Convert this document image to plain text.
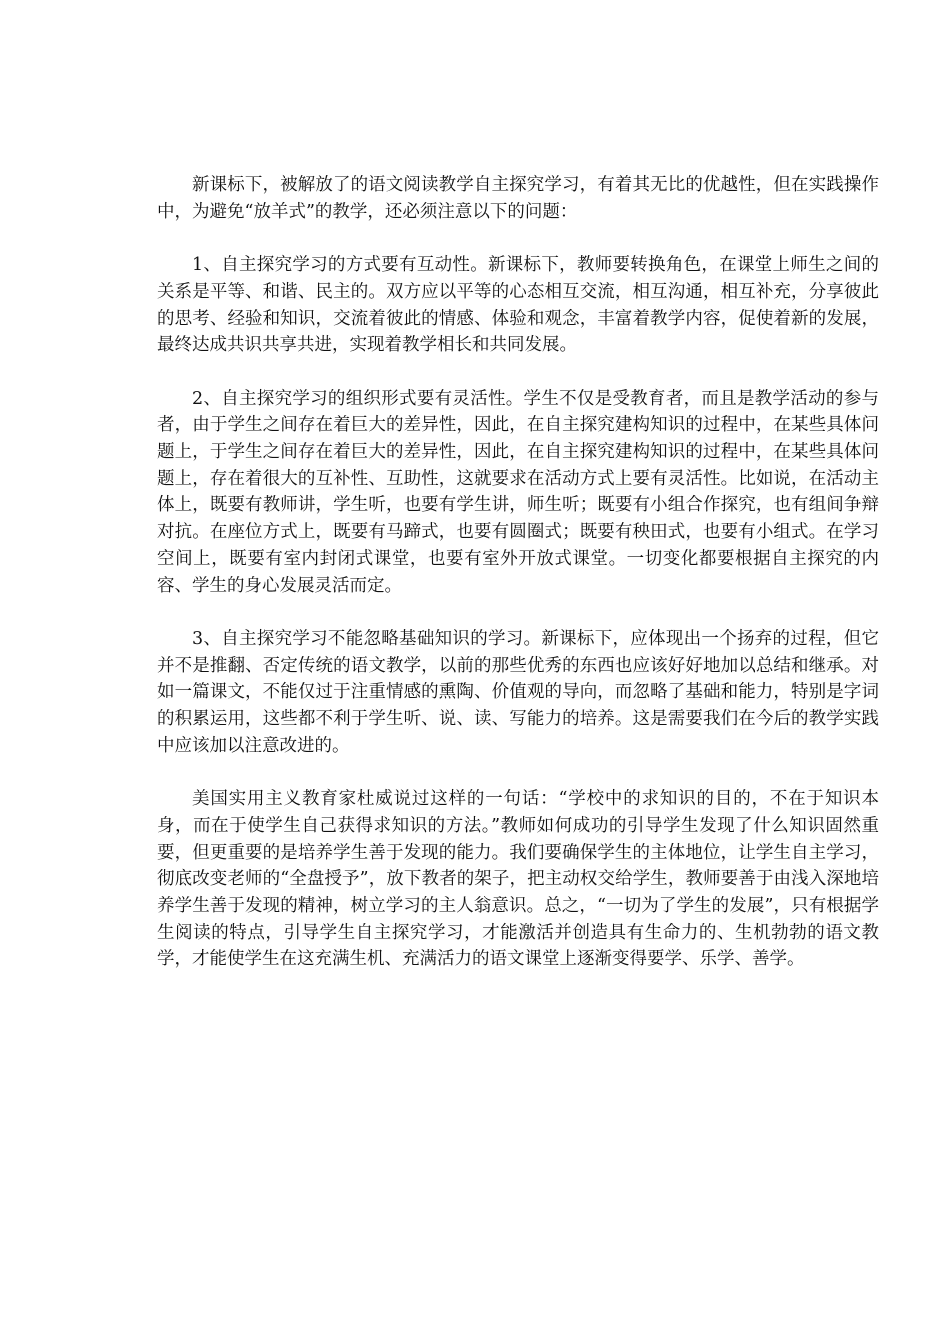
新课标下，被解放了的语文阅读教学自主探究学习，有着其无比的优越性，但在实践操作中，为避免“放羊式”的教学，还必须注意以下的问题：

1、自主探究学习的方式要有互动性。新课标下，教师要转换角色，在课堂上师生之间的关系是平等、和谐、民主的。双方应以平等的心态相互交流，相互沟通，相互补充，分享彼此的思考、经验和知识，交流着彼此的情感、体验和观念，丰富着教学内容，促使着新的发展，最终达成共识共享共进，实现着教学相长和共同发展。

2、自主探究学习的组织形式要有灵活性。学生不仅是受教育者，而且是教学活动的参与者，由于学生之间存在着巨大的差异性，因此，在自主探究建构知识的过程中，在某些具体问题上，于学生之间存在着巨大的差异性，因此，在自主探究建构知识的过程中，在某些具体问题上，存在着很大的互补性、互助性，这就要求在活动方式上要有灵活性。比如说，在活动主体上，既要有教师讲，学生听，也要有学生讲，师生听；既要有小组合作探究，也有组间争辩对抗。在座位方式上，既要有马蹄式，也要有圆圈式；既要有秧田式，也要有小组式。在学习空间上，既要有室内封闭式课堂，也要有室外开放式课堂。一切变化都要根据自主探究的内容、学生的身心发展灵活而定。

3、自主探究学习不能忽略基础知识的学习。新课标下，应体现出一个扬弃的过程，但它并不是推翻、否定传统的语文教学，以前的那些优秀的东西也应该好好地加以总结和继承。对如一篇课文，不能仅过于注重情感的熏陶、价值观的导向，而忽略了基础和能力，特别是字词的积累运用，这些都不利于学生听、说、读、写能力的培养。这是需要我们在今后的教学实践中应该加以注意改进的。

美国实用主义教育家杜威说过这样的一句话：“学校中的求知识的目的，不在于知识本身，而在于使学生自己获得求知识的方法。”教师如何成功的引导学生发现了什么知识固然重要，但更重要的是培养学生善于发现的能力。我们要确保学生的主体地位，让学生自主学习，彻底改变老师的“全盘授予”，放下教者的架子，把主动权交给学生，教师要善于由浅入深地培养学生善于发现的精神，树立学习的主人翁意识。总之，“一切为了学生的发展”，只有根据学生阅读的特点，引导学生自主探究学习，才能激活并创造具有生命力的、生机勃勃的语文教学，才能使学生在这充满生机、充满活力的语文课堂上逐渐变得要学、乐学、善学。
